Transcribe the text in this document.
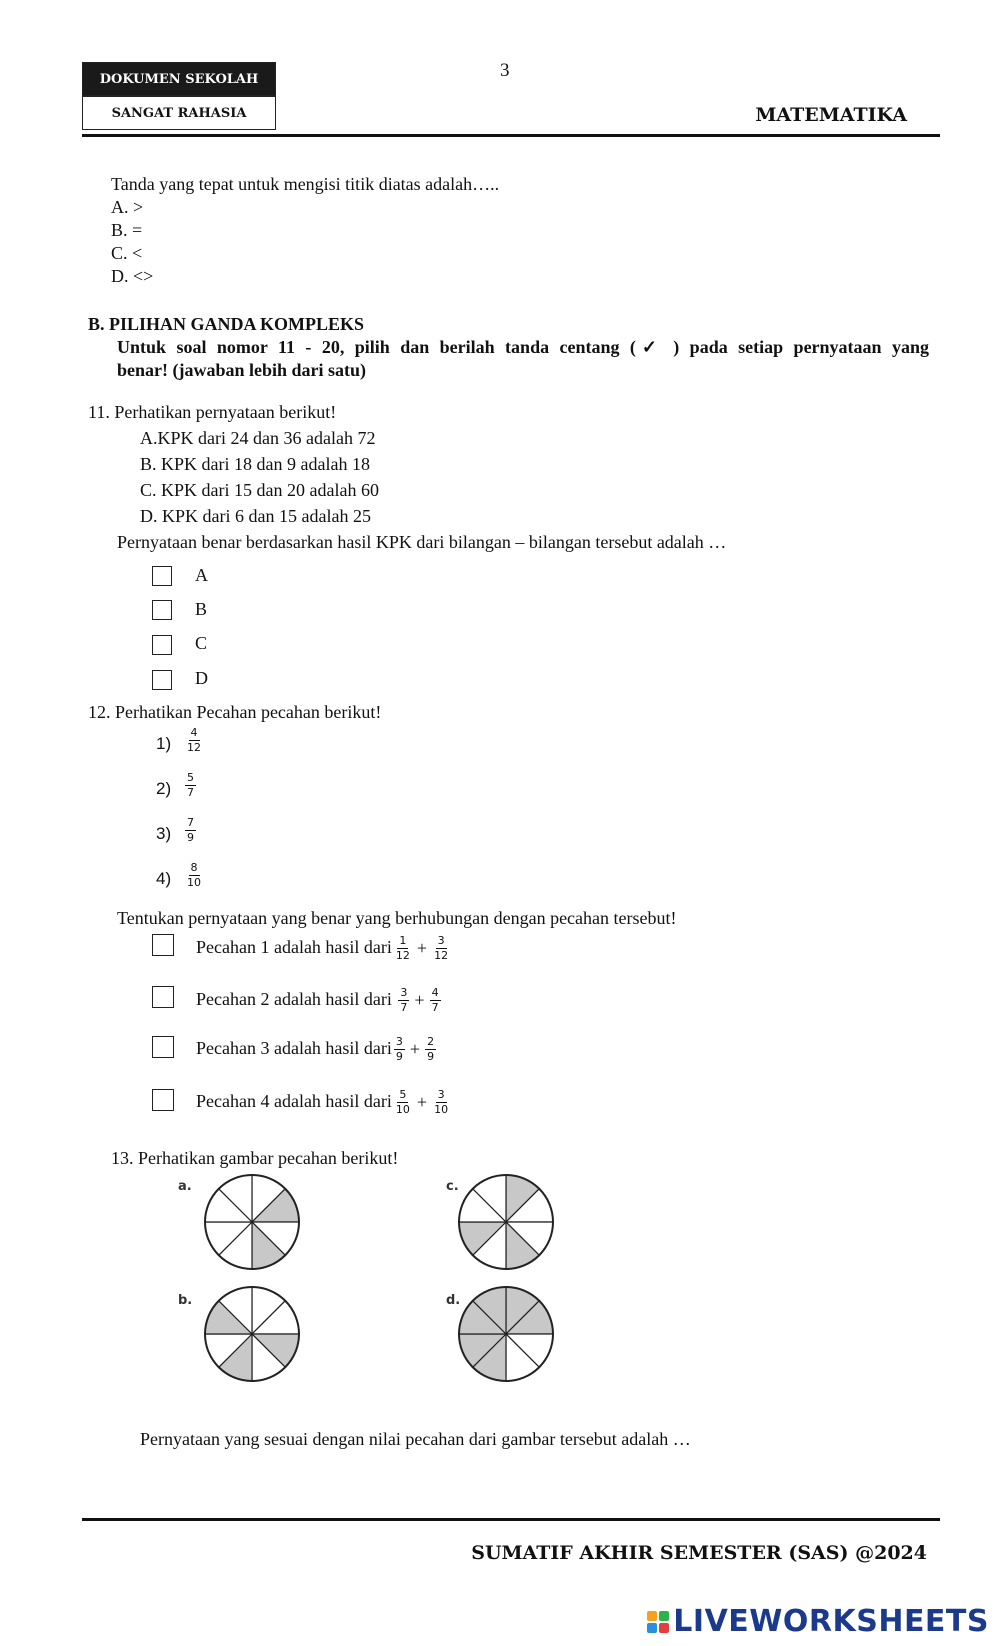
DOKUMEN SEKOLAH
SANGAT RAHASIA
3
MATEMATIKA
Tanda yang tepat untuk mengisi titik diatas adalah…..
A. >
B. =
C. <
D. <>
B. PILIHAN GANDA KOMPLEKS
Untuk soal nomor 11 - 20, pilih dan berilah tanda centang (✓ ) pada setiap pernyataan yang
benar! (jawaban lebih dari satu)
11. Perhatikan pernyataan berikut!
A.KPK dari 24 dan 36 adalah 72
B. KPK dari 18 dan 9 adalah 18
C. KPK dari 15 dan 20 adalah 60
D. KPK dari 6 dan 15 adalah 25
Pernyataan benar berdasarkan hasil KPK dari bilangan – bilangan tersebut adalah …
A
B
C
D
12. Perhatikan Pecahan pecahan berikut!
$1) \frac{4}{12}$
$2) \frac{5}{7}$
$3) \frac{7}{9}$
$4) \frac{8}{10}$
Tentukan pernyataan yang benar yang berhubungan dengan pecahan tersebut!
Pecahan 1 adalah hasil dari $\frac{1}{12} + \frac{3}{12}$
Pecahan 2 adalah hasil dari $\frac{3}{7} + \frac{4}{7}$
Pecahan 3 adalah hasil dari $\frac{3}{9} + \frac{2}{9}$
Pecahan 4 adalah hasil dari $\frac{5}{10} + \frac{3}{10}$
13. Perhatikan gambar pecahan berikut!
a.	c.
b.	d.
Pernyataan yang sesuai dengan nilai pecahan dari gambar tersebut adalah …
SUMATIF AKHIR SEMESTER (SAS) @2024
LIVEWORKSHEETS
